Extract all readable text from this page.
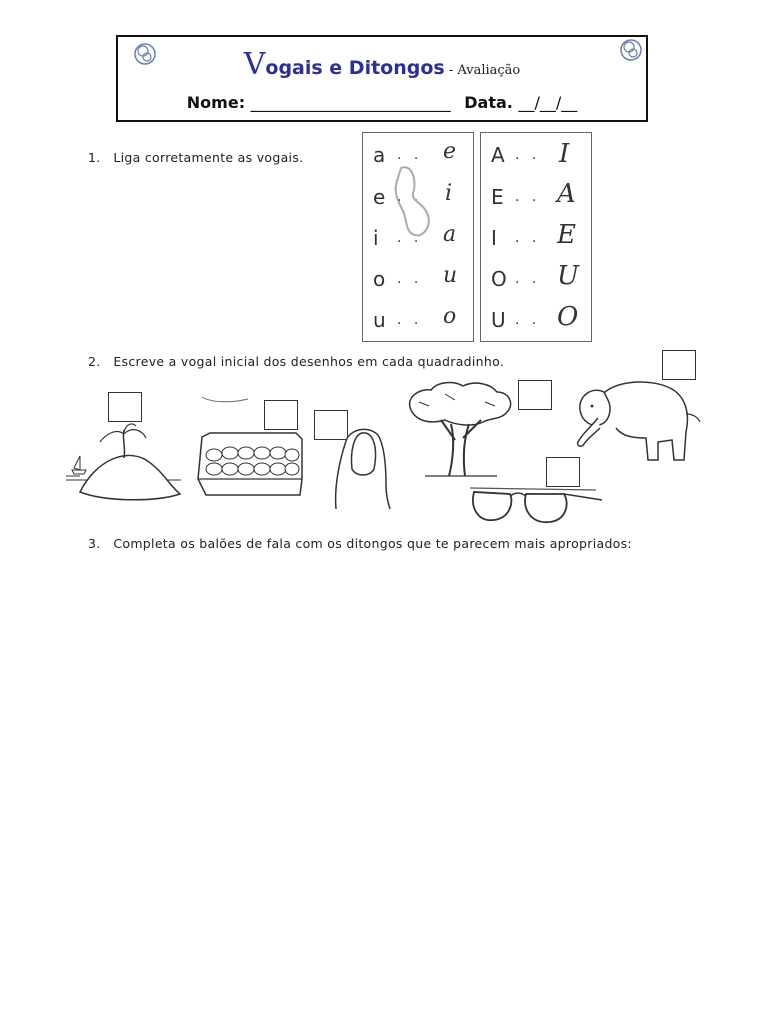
Vogais e Ditongos - Avaliação
Nome: _________________________ Data. __/__/__
1. Liga corretamente as vogais.	a
e
i
o
u
. .
. .
. .
. .
. .
e
i
a
u
o
A
E
I
O
U
. .
. .
. .
. .
. .
I
A
E
U
O
2. Escreve a vogal inicial dos desenhos em cada quadradinho.
3. Completa os balões de fala com os ditongos que te parecem mais apropriados:
